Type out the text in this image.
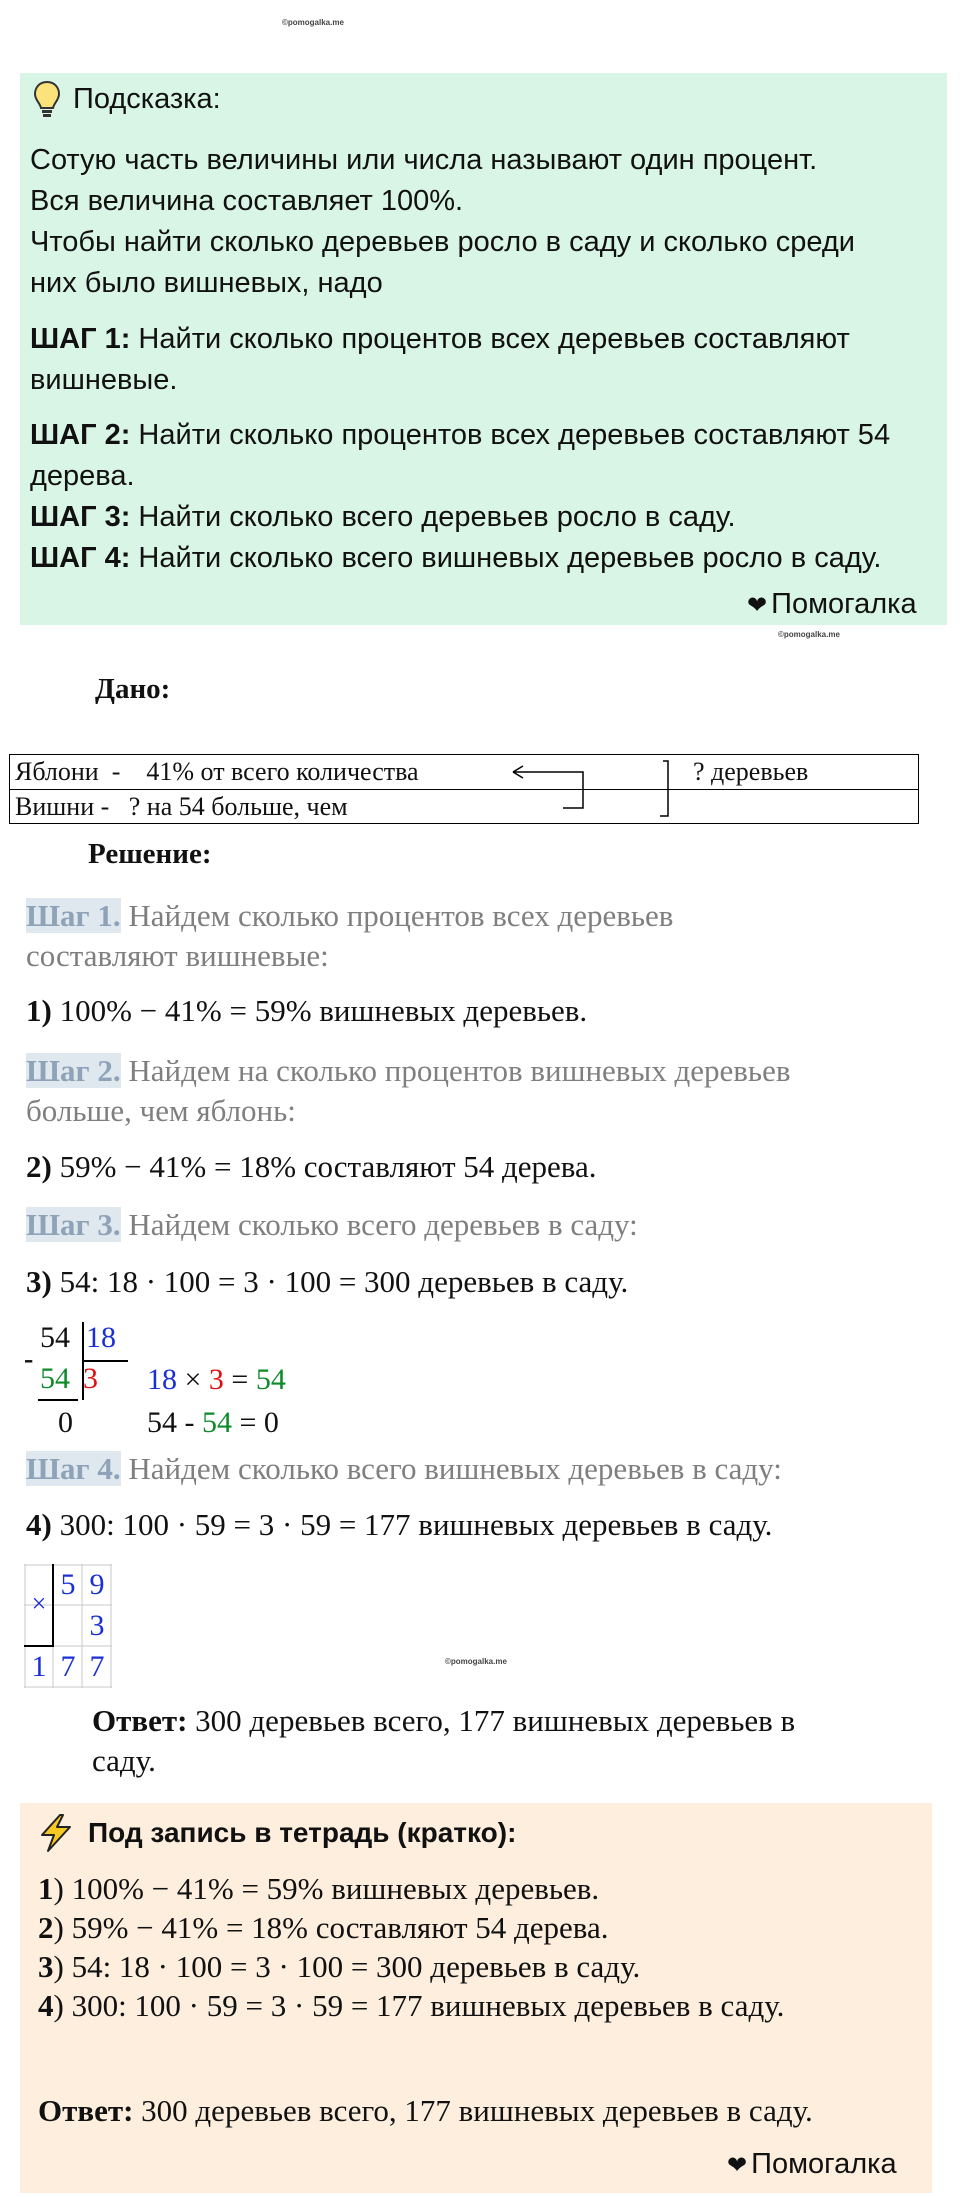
©pomogalka.me
Подсказка:
Сотую часть величины или числа называют один процент.
Вся величина составляет 100%.
Чтобы найти сколько деревьев росло в саду и сколько среди
них было вишневых, надо
ШАГ 1: Найти сколько процентов всех деревьев составляют
вишневые.
ШАГ 2: Найти сколько процентов всех деревьев составляют 54
дерева.
ШАГ 3: Найти сколько всего деревьев росло в саду.
ШАГ 4: Найти сколько всего вишневых деревьев росло в саду.
❤ Помогалка
©pomogalka.me
Дано:
Яблони  -    41% от всего количества
Вишни -   ? на 54 больше, чем
? деревьев
Решение:
Шаг 1. Найдем сколько процентов всех деревьев
составляют вишневые:
1) 100% − 41% = 59% вишневых деревьев.
Шаг 2. Найдем на сколько процентов вишневых деревьев
больше, чем яблонь:
2) 59% − 41% = 18% составляют 54 дерева.
Шаг 3. Найдем сколько всего деревьев в саду:
3) 54: 18 · 100 = 3 · 100 = 300 деревьев в саду.
54 18
-
54 3
0
18 × 3 = 54
54 - 54 = 0
Шаг 4. Найдем сколько всего вишневых деревьев в саду:
4) 300: 100 · 59 = 3 · 59 = 177 вишневых деревьев в саду.
×
5 9
3
1 7 7	©pomogalka.me
Ответ: 300 деревьев всего, 177 вишневых деревьев в
саду.
Под запись в тетрадь (кратко):
1) 100% − 41% = 59% вишневых деревьев.
2) 59% − 41% = 18% составляют 54 дерева.
3) 54: 18 · 100 = 3 · 100 = 300 деревьев в саду.
4) 300: 100 · 59 = 3 · 59 = 177 вишневых деревьев в саду.
Ответ: 300 деревьев всего, 177 вишневых деревьев в саду.
❤ Помогалка
